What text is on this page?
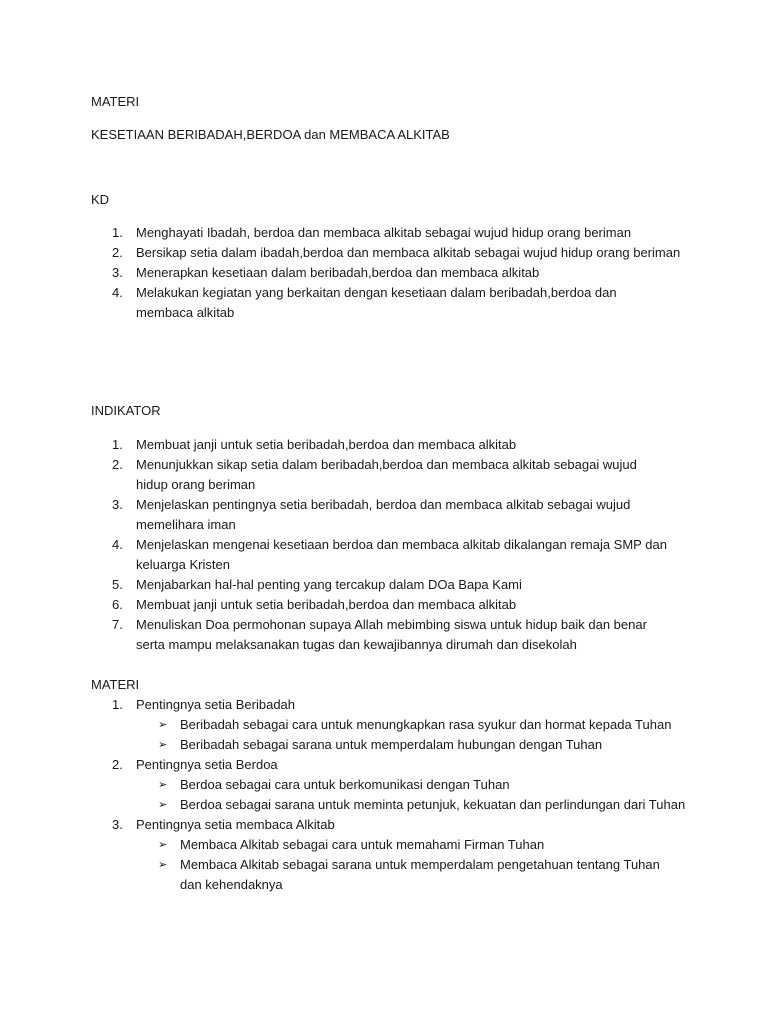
MATERI
KESETIAAN BERIBADAH,BERDOA dan MEMBACA ALKITAB
KD
1.	Menghayati Ibadah, berdoa dan membaca alkitab sebagai wujud hidup orang beriman
2.	Bersikap setia dalam ibadah,berdoa dan membaca alkitab sebagai wujud hidup orang beriman
3.	Menerapkan kesetiaan dalam beribadah,berdoa dan membaca alkitab
4.	Melakukan kegiatan yang berkaitan dengan kesetiaan dalam beribadah,berdoa dan membaca alkitab
INDIKATOR
1.	Membuat janji untuk setia beribadah,berdoa dan membaca alkitab
2.	Menunjukkan sikap setia dalam beribadah,berdoa dan membaca alkitab sebagai wujud hidup orang beriman
3.	Menjelaskan pentingnya setia beribadah, berdoa dan membaca alkitab sebagai wujud memelihara iman
4.	Menjelaskan mengenai kesetiaan berdoa dan membaca alkitab dikalangan remaja SMP dan keluarga Kristen
5.	Menjabarkan hal-hal penting yang tercakup dalam DOa Bapa Kami
6.	Membuat janji untuk setia beribadah,berdoa dan membaca alkitab
7.	Menuliskan Doa permohonan supaya Allah mebimbing siswa untuk hidup baik dan benar serta mampu melaksanakan tugas dan kewajibannya dirumah dan disekolah
MATERI
1.	Pentingnya setia Beribadah
➢ Beribadah sebagai cara untuk menungkapkan rasa syukur dan hormat kepada Tuhan
➢ Beribadah sebagai sarana untuk memperdalam hubungan dengan Tuhan
2.	Pentingnya setia Berdoa
➢ Berdoa sebagai cara untuk berkomunikasi dengan Tuhan
➢ Berdoa sebagai sarana untuk meminta petunjuk, kekuatan dan perlindungan dari Tuhan
3.	Pentingnya setia membaca Alkitab
➢ Membaca Alkitab sebagai cara untuk memahami Firman Tuhan
➢ Membaca Alkitab sebagai sarana untuk memperdalam pengetahuan tentang Tuhan dan kehendaknya
